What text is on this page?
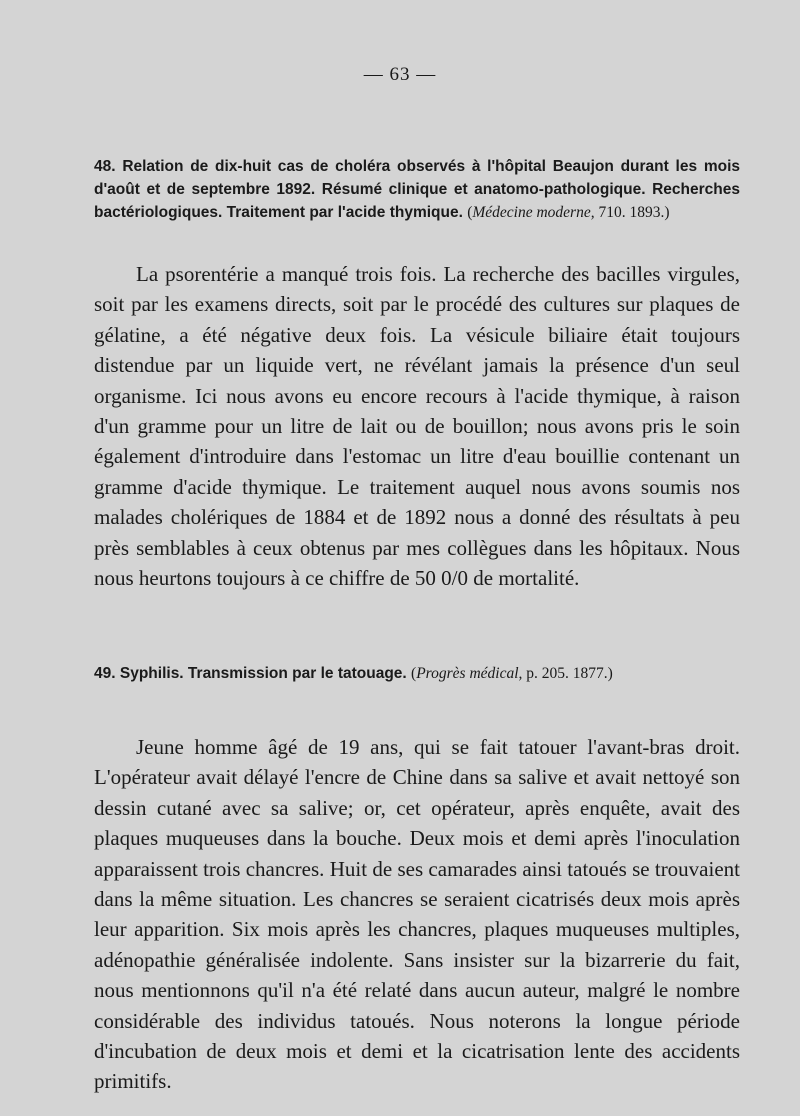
— 63 —

48. Relation de dix-huit cas de choléra observés à l'hôpital Beaujon durant les mois d'août et de septembre 1892. Résumé clinique et anatomo-pathologique. Recherches bactériologiques. Traitement par l'acide thymique. (Médecine moderne, 710. 1893.)

La psorentérie a manqué trois fois. La recherche des bacilles virgules, soit par les examens directs, soit par le procédé des cultures sur plaques de gélatine, a été négative deux fois. La vésicule biliaire était toujours distendue par un liquide vert, ne révélant jamais la présence d'un seul organisme. Ici nous avons eu encore recours à l'acide thymique, à raison d'un gramme pour un litre de lait ou de bouillon; nous avons pris le soin également d'introduire dans l'estomac un litre d'eau bouillie contenant un gramme d'acide thymique. Le traitement auquel nous avons soumis nos malades cholériques de 1884 et de 1892 nous a donné des résultats à peu près semblables à ceux obtenus par mes collègues dans les hôpitaux. Nous nous heurtons toujours à ce chiffre de 50 0/0 de mortalité.

49. Syphilis. Transmission par le tatouage. (Progrès médical, p. 205. 1877.)

Jeune homme âgé de 19 ans, qui se fait tatouer l'avant-bras droit. L'opérateur avait délayé l'encre de Chine dans sa salive et avait nettoyé son dessin cutané avec sa salive; or, cet opérateur, après enquête, avait des plaques muqueuses dans la bouche. Deux mois et demi après l'inoculation apparaissent trois chancres. Huit de ses camarades ainsi tatoués se trouvaient dans la même situation. Les chancres se seraient cicatrisés deux mois après leur apparition. Six mois après les chancres, plaques muqueuses multiples, adénopathie généralisée indolente. Sans insister sur la bizarrerie du fait, nous mentionnons qu'il n'a été relaté dans aucun auteur, malgré le nombre considérable des individus tatoués. Nous noterons la longue période d'incubation de deux mois et demi et la cicatrisation lente des accidents primitifs.
